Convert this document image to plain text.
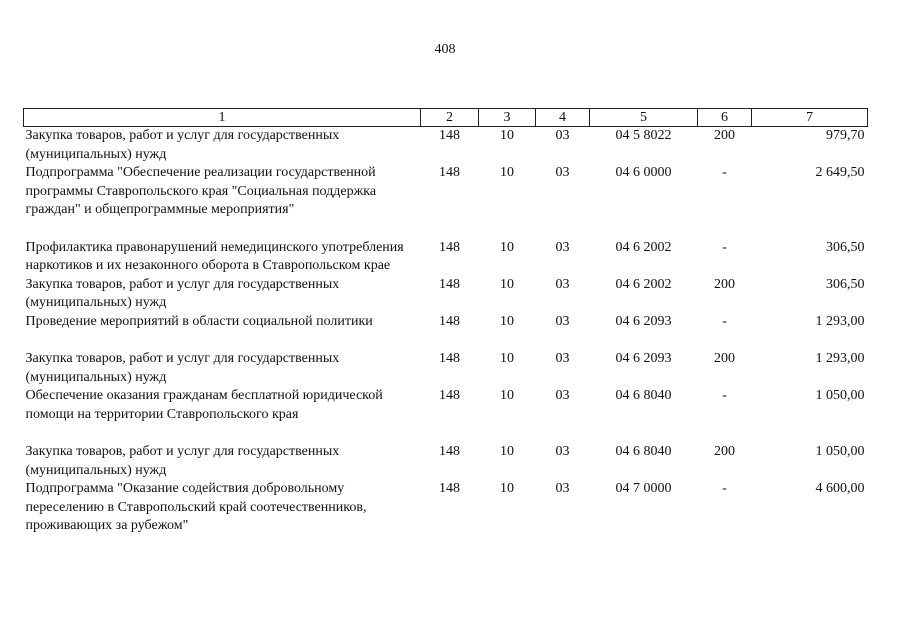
408
1	2	3	4	5	6	7
Закупка товаров, работ и услуг для государственных (муниципальных) нужд	148	10	03	04 5 8022	200	979,70
Подпрограмма "Обеспечение реализации государственной программы Ставропольского края "Социальная поддержка граждан" и общепрограммные мероприятия"	148	10	03	04 6 0000	-	2 649,50

Профилактика правонарушений немедицинского употребления наркотиков и их незаконного оборота в Ставропольском крае	148	10	03	04 6 2002	-	306,50
Закупка товаров, работ и услуг для государственных (муниципальных) нужд	148	10	03	04 6 2002	200	306,50
Проведение мероприятий в области социальной политики	148	10	03	04 6 2093	-	1 293,00

Закупка товаров, работ и услуг для государственных (муниципальных) нужд	148	10	03	04 6 2093	200	1 293,00
Обеспечение оказания гражданам бесплатной юридической помощи на территории Ставропольского края	148	10	03	04 6 8040	-	1 050,00

Закупка товаров, работ и услуг для государственных (муниципальных) нужд	148	10	03	04 6 8040	200	1 050,00
Подпрограмма "Оказание содействия добровольному переселению в Ставропольский край соотечественников, проживающих за рубежом"	148	10	03	04 7 0000	-	4 600,00
